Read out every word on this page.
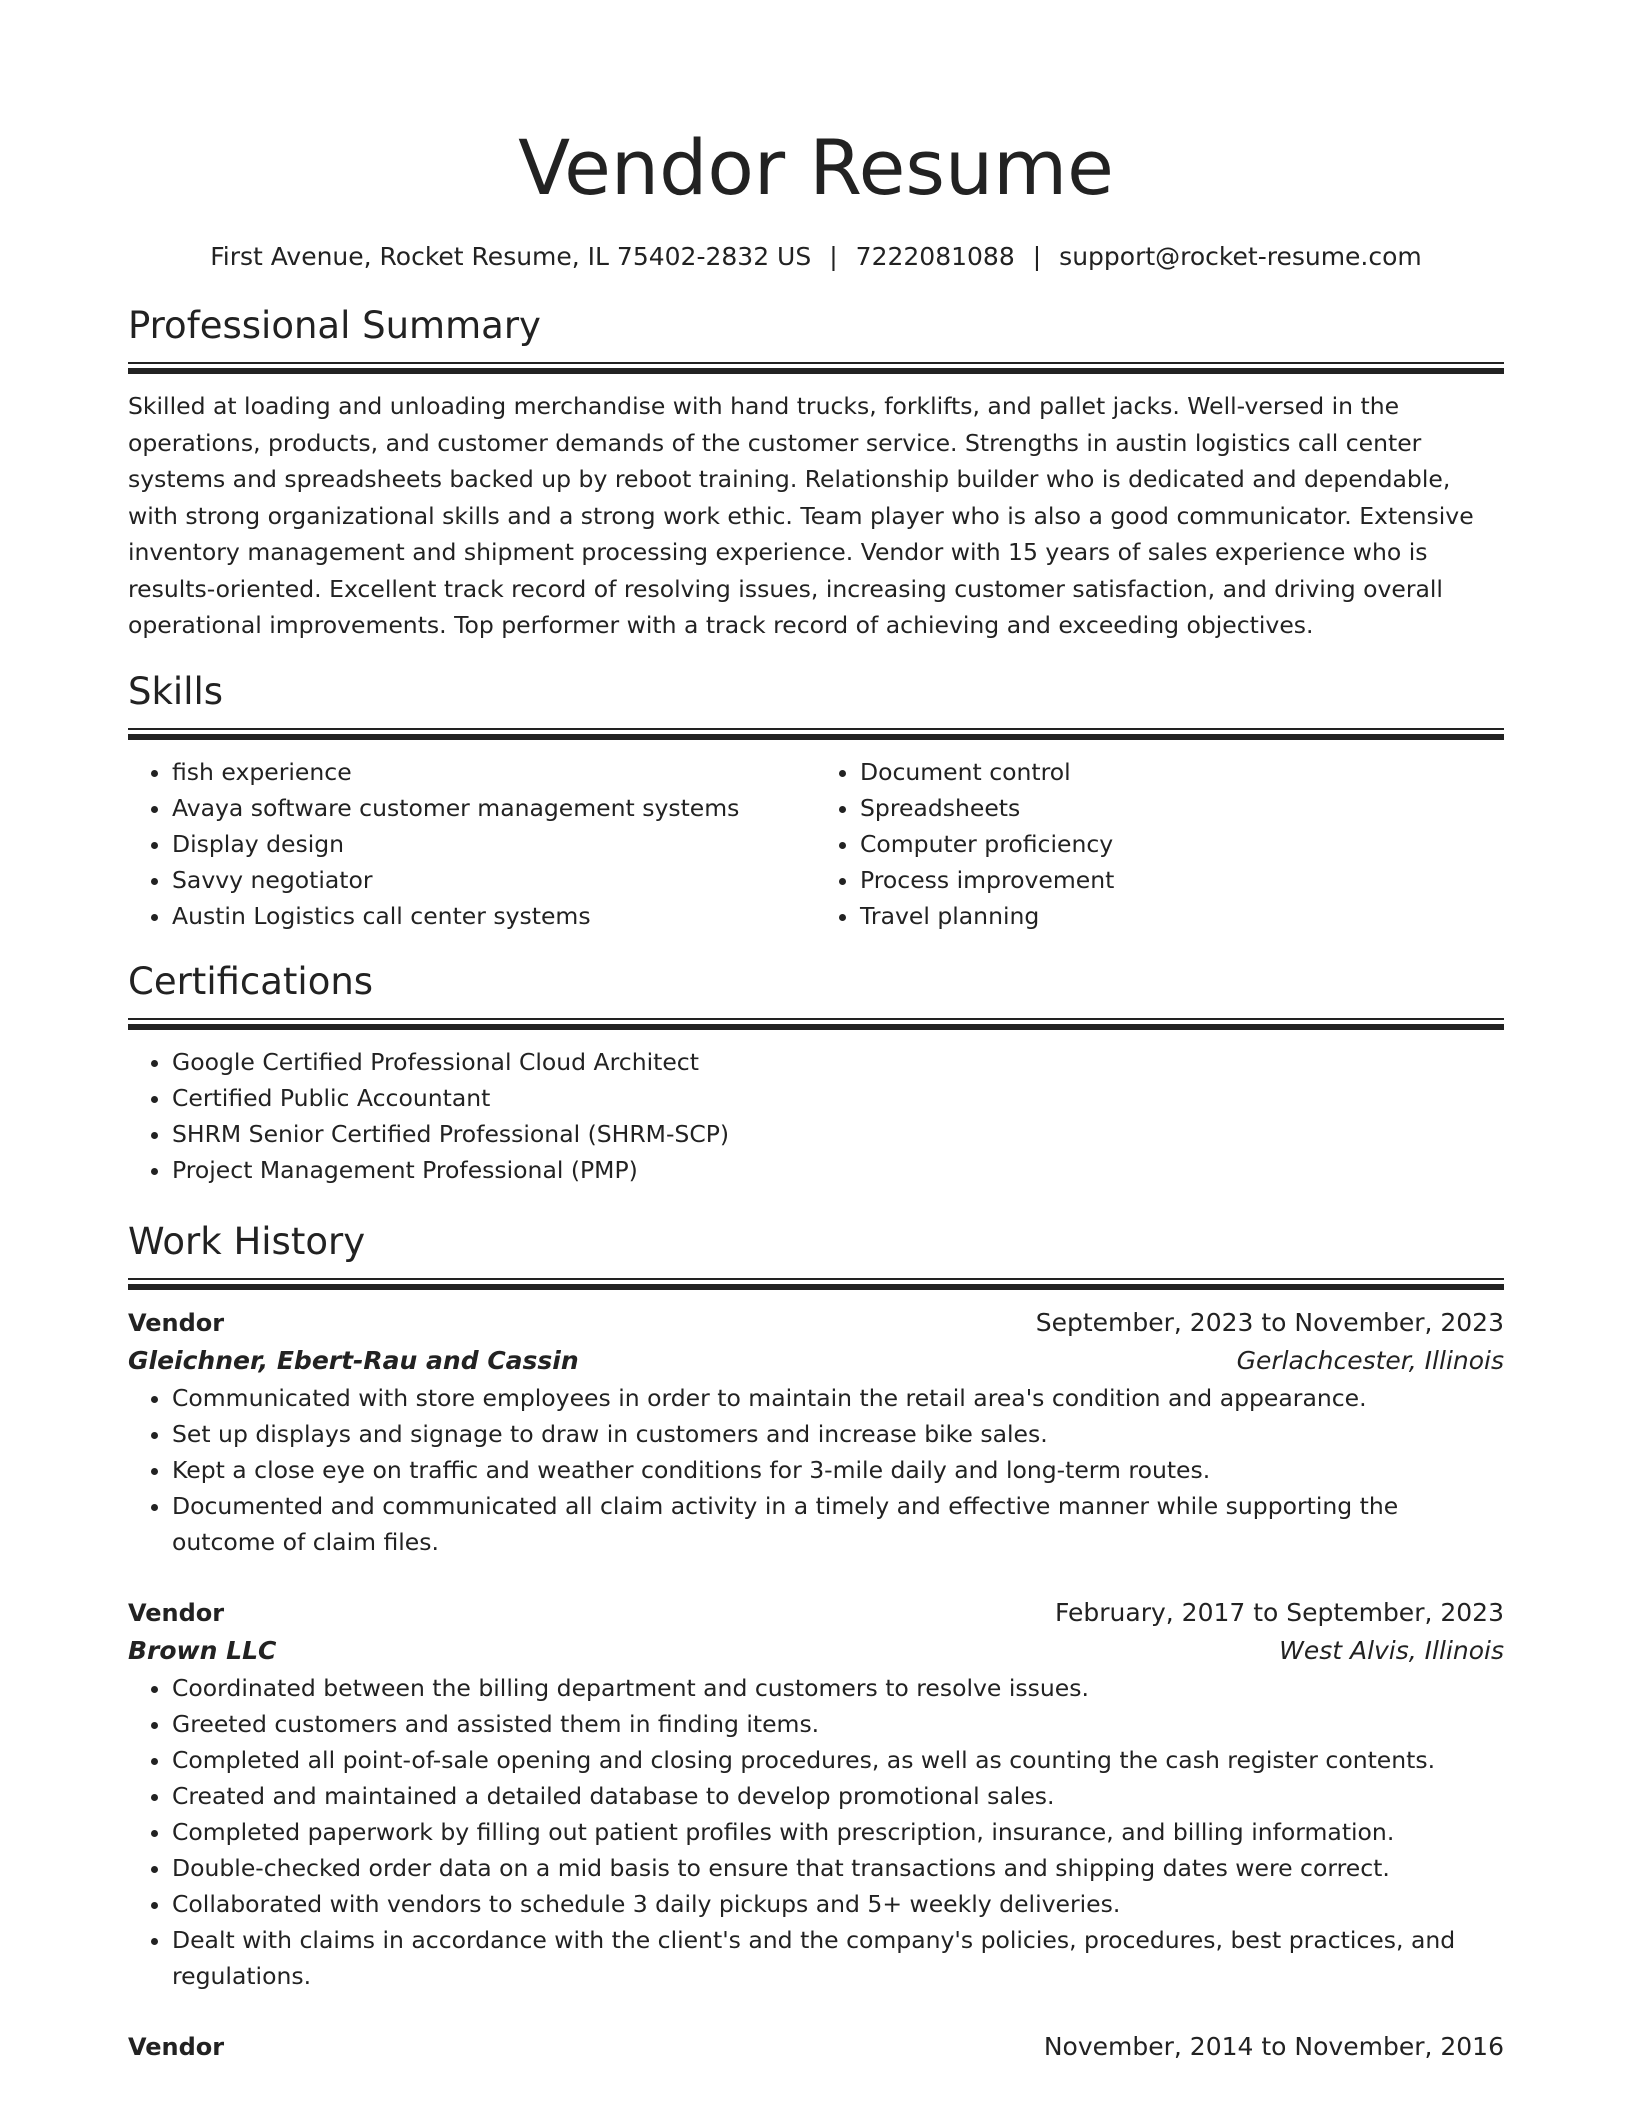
Vendor Resume
First Avenue, Rocket Resume, IL 75402-2832 US | 7222081088 | support@rocket-resume.com
Professional Summary

Skilled at loading and unloading merchandise with hand trucks, forklifts, and pallet jacks. Well-versed in the operations, products, and customer demands of the customer service. Strengths in austin logistics call center systems and spreadsheets backed up by reboot training. Relationship builder who is dedicated and dependable, with strong organizational skills and a strong work ethic. Team player who is also a good communicator. Extensive inventory management and shipment processing experience. Vendor with 15 years of sales experience who is results-oriented. Excellent track record of resolving issues, increasing customer satisfaction, and driving overall operational improvements. Top performer with a track record of achieving and exceeding objectives.

Skills
• fish experience
• Avaya software customer management systems
• Display design
• Savvy negotiator
• Austin Logistics call center systems
• Document control
• Spreadsheets
• Computer proficiency
• Process improvement
• Travel planning
Certifications
• Google Certified Professional Cloud Architect
• Certified Public Accountant
• SHRM Senior Certified Professional (SHRM-SCP)
• Project Management Professional (PMP)
Work History
Vendor	September, 2023 to November, 2023
Gleichner, Ebert-Rau and Cassin	Gerlachcester, Illinois
• Communicated with store employees in order to maintain the retail area's condition and appearance.
• Set up displays and signage to draw in customers and increase bike sales.
• Kept a close eye on traffic and weather conditions for 3-mile daily and long-term routes.
• Documented and communicated all claim activity in a timely and effective manner while supporting the outcome of claim files.
Vendor	February, 2017 to September, 2023
Brown LLC	West Alvis, Illinois
• Coordinated between the billing department and customers to resolve issues.
• Greeted customers and assisted them in finding items.
• Completed all point-of-sale opening and closing procedures, as well as counting the cash register contents.
• Created and maintained a detailed database to develop promotional sales.
• Completed paperwork by filling out patient profiles with prescription, insurance, and billing information.
• Double-checked order data on a mid basis to ensure that transactions and shipping dates were correct.
• Collaborated with vendors to schedule 3 daily pickups and 5+ weekly deliveries.
• Dealt with claims in accordance with the client's and the company's policies, procedures, best practices, and regulations.
Vendor	November, 2014 to November, 2016
